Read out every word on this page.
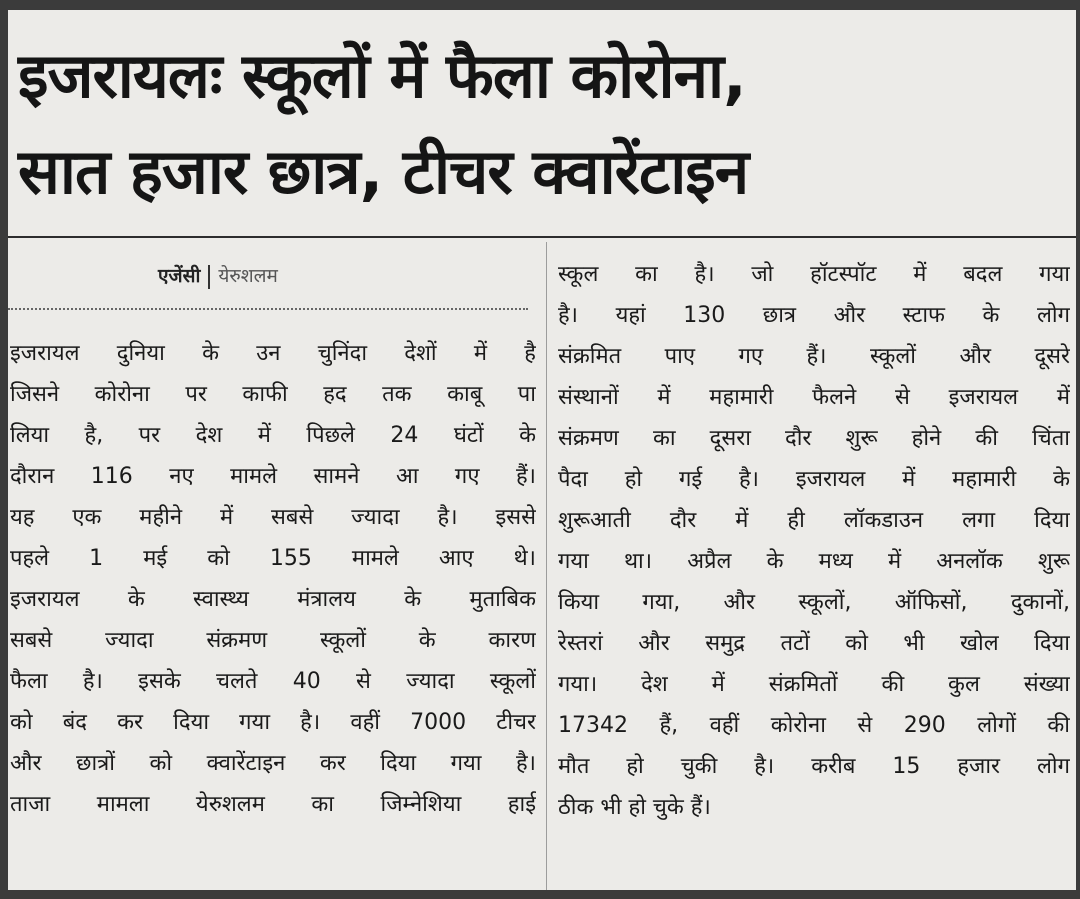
इजरायलः स्कूलों में फैला कोरोना,
सात हजार छात्र, टीचर क्वारेंटाइन
एजेंसी येरुशलम
इजरायल दुनिया के उन चुनिंदा देशों में है
जिसने कोरोना पर काफी हद तक काबू पा
लिया है, पर देश में पिछले 24 घंटों के
दौरान 116 नए मामले सामने आ गए हैं।
यह एक महीने में सबसे ज्यादा है। इससे
पहले 1 मई को 155 मामले आए थे।
इजरायल के स्वास्थ्य मंत्रालय के मुताबिक
सबसे ज्यादा संक्रमण स्कूलों के कारण
फैला है। इसके चलते 40 से ज्यादा स्कूलों
को बंद कर दिया गया है। वहीं 7000 टीचर
और छात्रों को क्वारेंटाइन कर दिया गया है।
ताजा मामला येरुशलम का जिम्नेशिया हाई
स्कूल का है। जो हॉटस्पॉट में बदल गया
है। यहां 130 छात्र और स्टाफ के लोग
संक्रमित पाए गए हैं। स्कूलों और दूसरे
संस्थानों में महामारी फैलने से इजरायल में
संक्रमण का दूसरा दौर शुरू होने की चिंता
पैदा हो गई है। इजरायल में महामारी के
शुरूआती दौर में ही लॉकडाउन लगा दिया
गया था। अप्रैल के मध्य में अनलॉक शुरू
किया गया, और स्कूलों, ऑफिसों, दुकानों,
रेस्तरां और समुद्र तटों को भी खोल दिया
गया। देश में संक्रमितों की कुल संख्या
17342 हैं, वहीं कोरोना से 290 लोगों की
मौत हो चुकी है। करीब 15 हजार लोग
ठीक भी हो चुके हैं।
